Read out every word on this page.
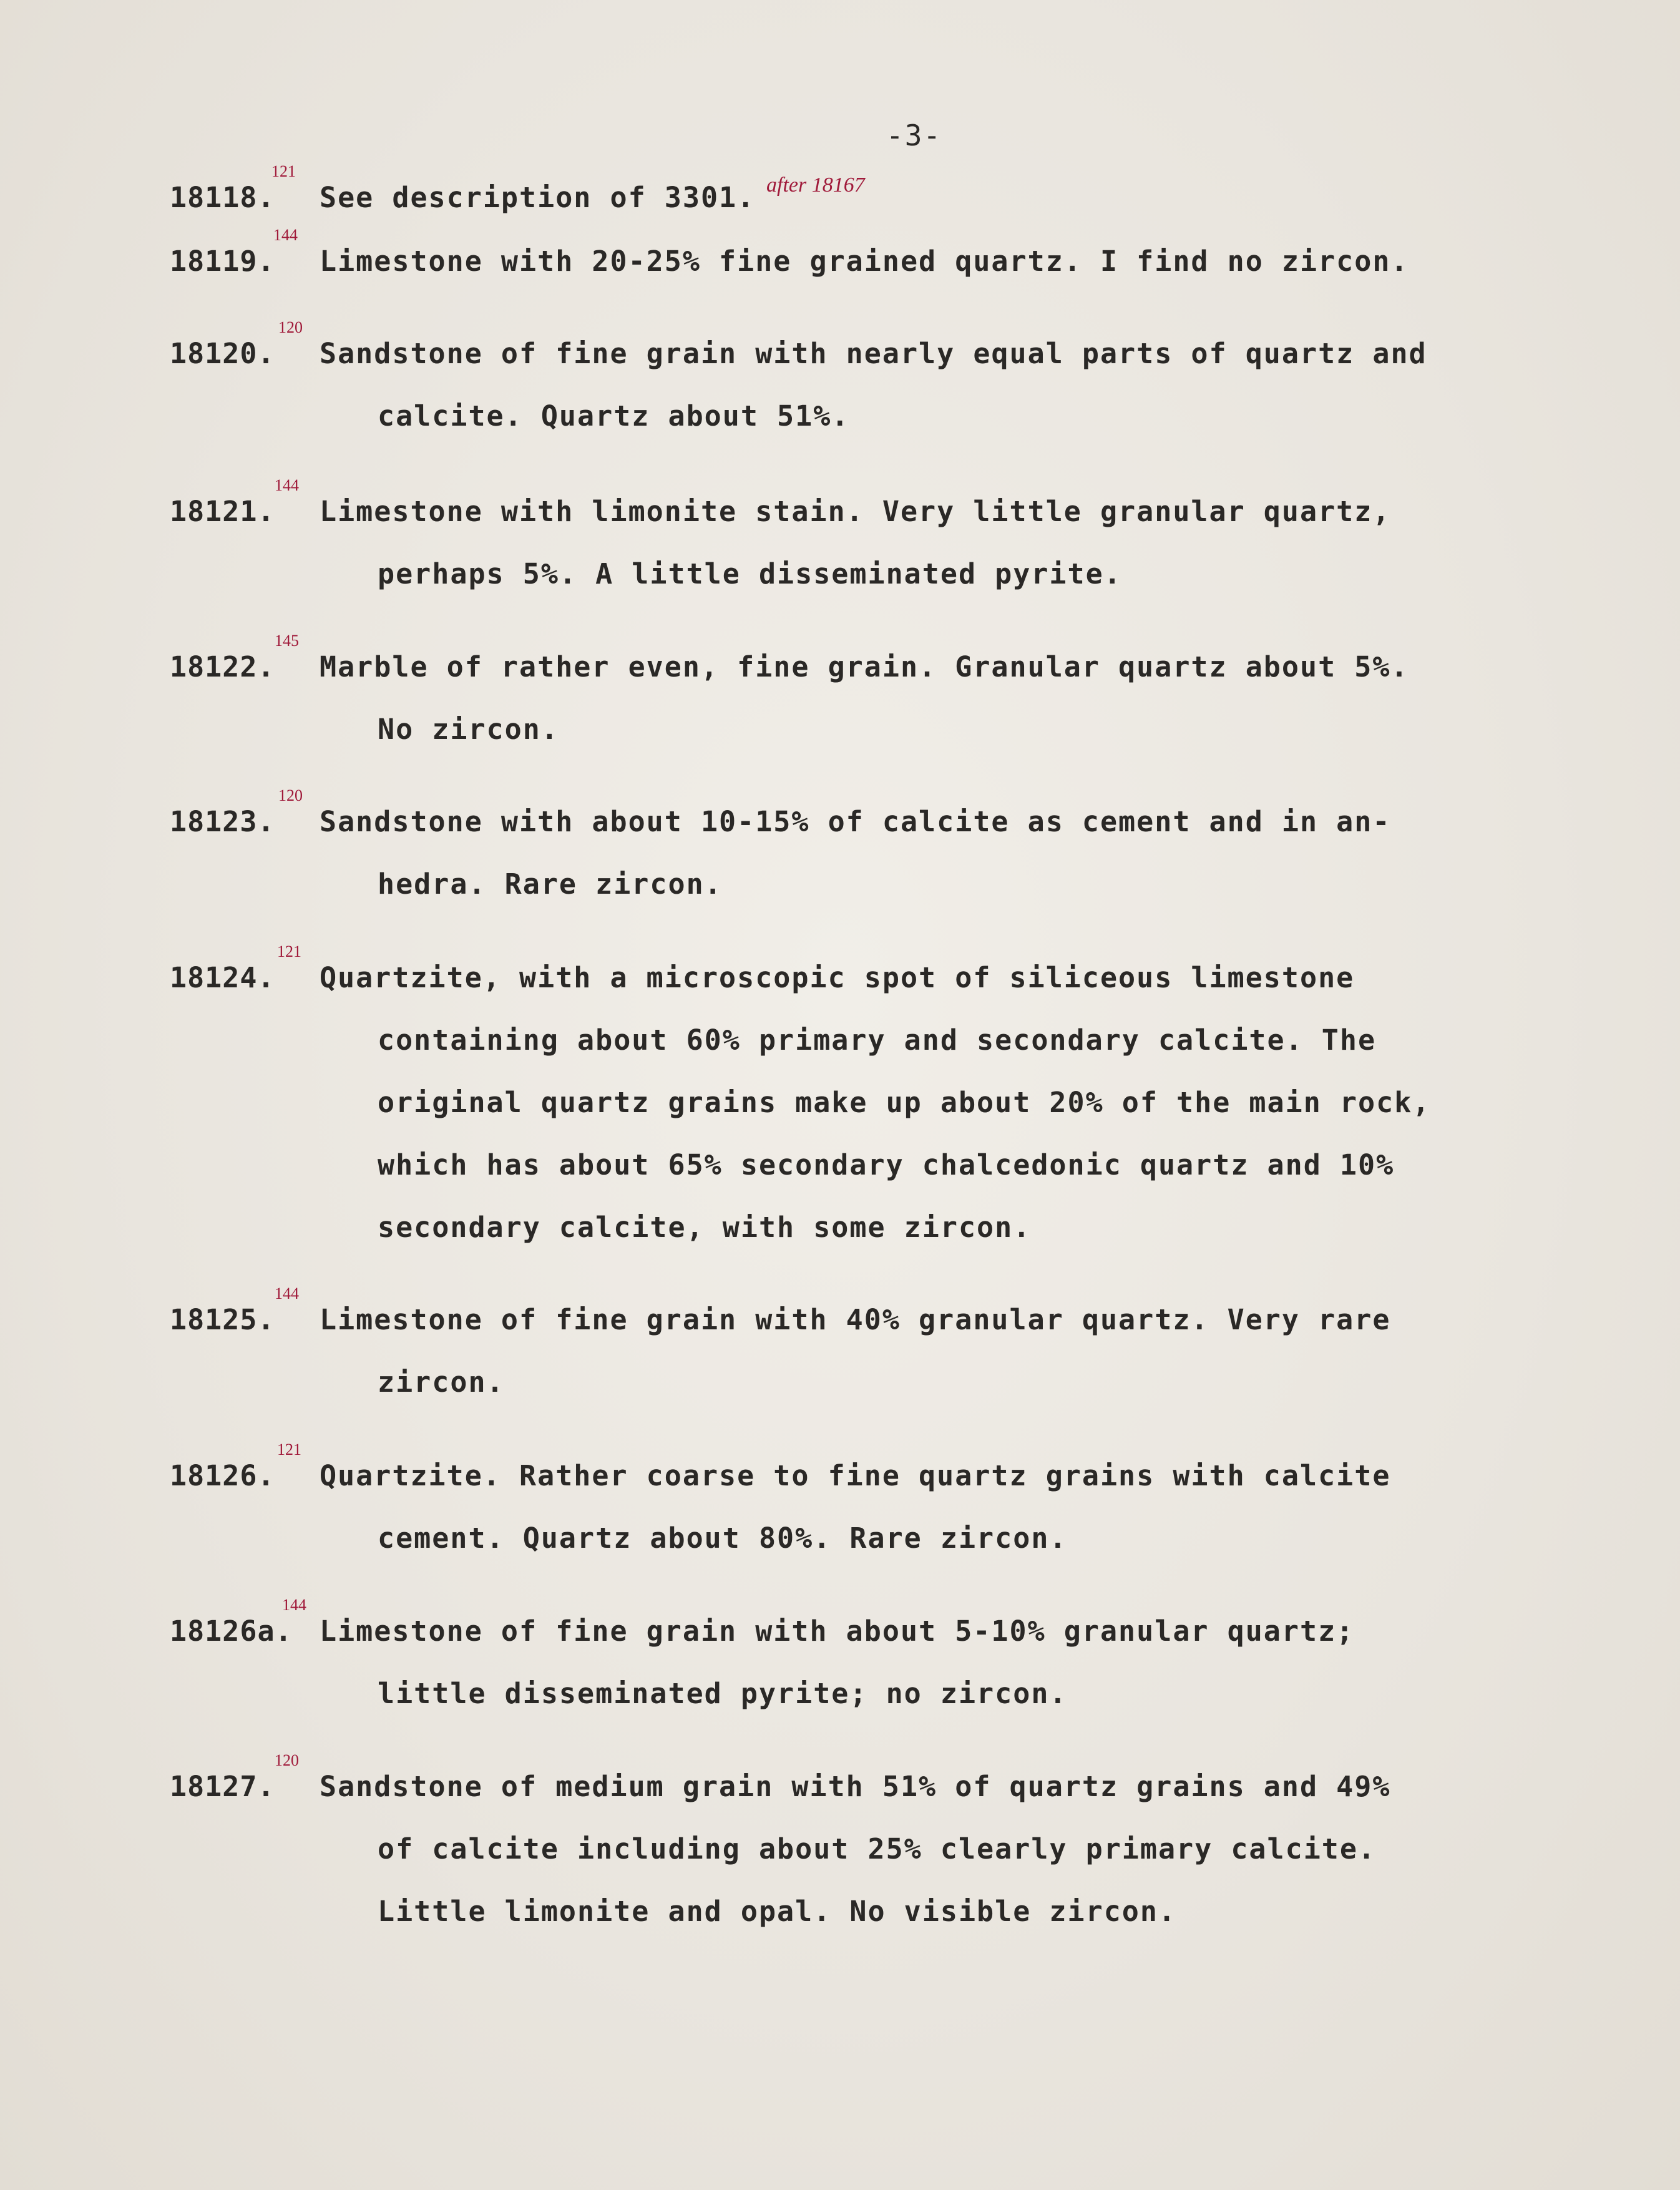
-3-
18118.
121
See description of 3301. after 18167
18119.
144
Limestone with 20-25% fine grained quartz. I find no zircon.
18120.
120
Sandstone of fine grain with nearly equal parts of quartz and
calcite. Quartz about 51%.
18121.
144
Limestone with limonite stain. Very little granular quartz,
perhaps 5%. A little disseminated pyrite.
18122.
145
Marble of rather even, fine grain. Granular quartz about 5%.
No zircon.
18123.
120
Sandstone with about 10-15% of calcite as cement and in an-
hedra. Rare zircon.
18124.
121
Quartzite, with a microscopic spot of siliceous limestone
containing about 60% primary and secondary calcite. The
original quartz grains make up about 20% of the main rock,
which has about 65% secondary chalcedonic quartz and 10%
secondary calcite, with some zircon.
18125.
144
Limestone of fine grain with 40% granular quartz. Very rare
zircon.
18126.
121
Quartzite. Rather coarse to fine quartz grains with calcite
cement. Quartz about 80%. Rare zircon.
18126a.
144
Limestone of fine grain with about 5-10% granular quartz;
little disseminated pyrite; no zircon.
18127.
120
Sandstone of medium grain with 51% of quartz grains and 49%
of calcite including about 25% clearly primary calcite.
Little limonite and opal. No visible zircon.
